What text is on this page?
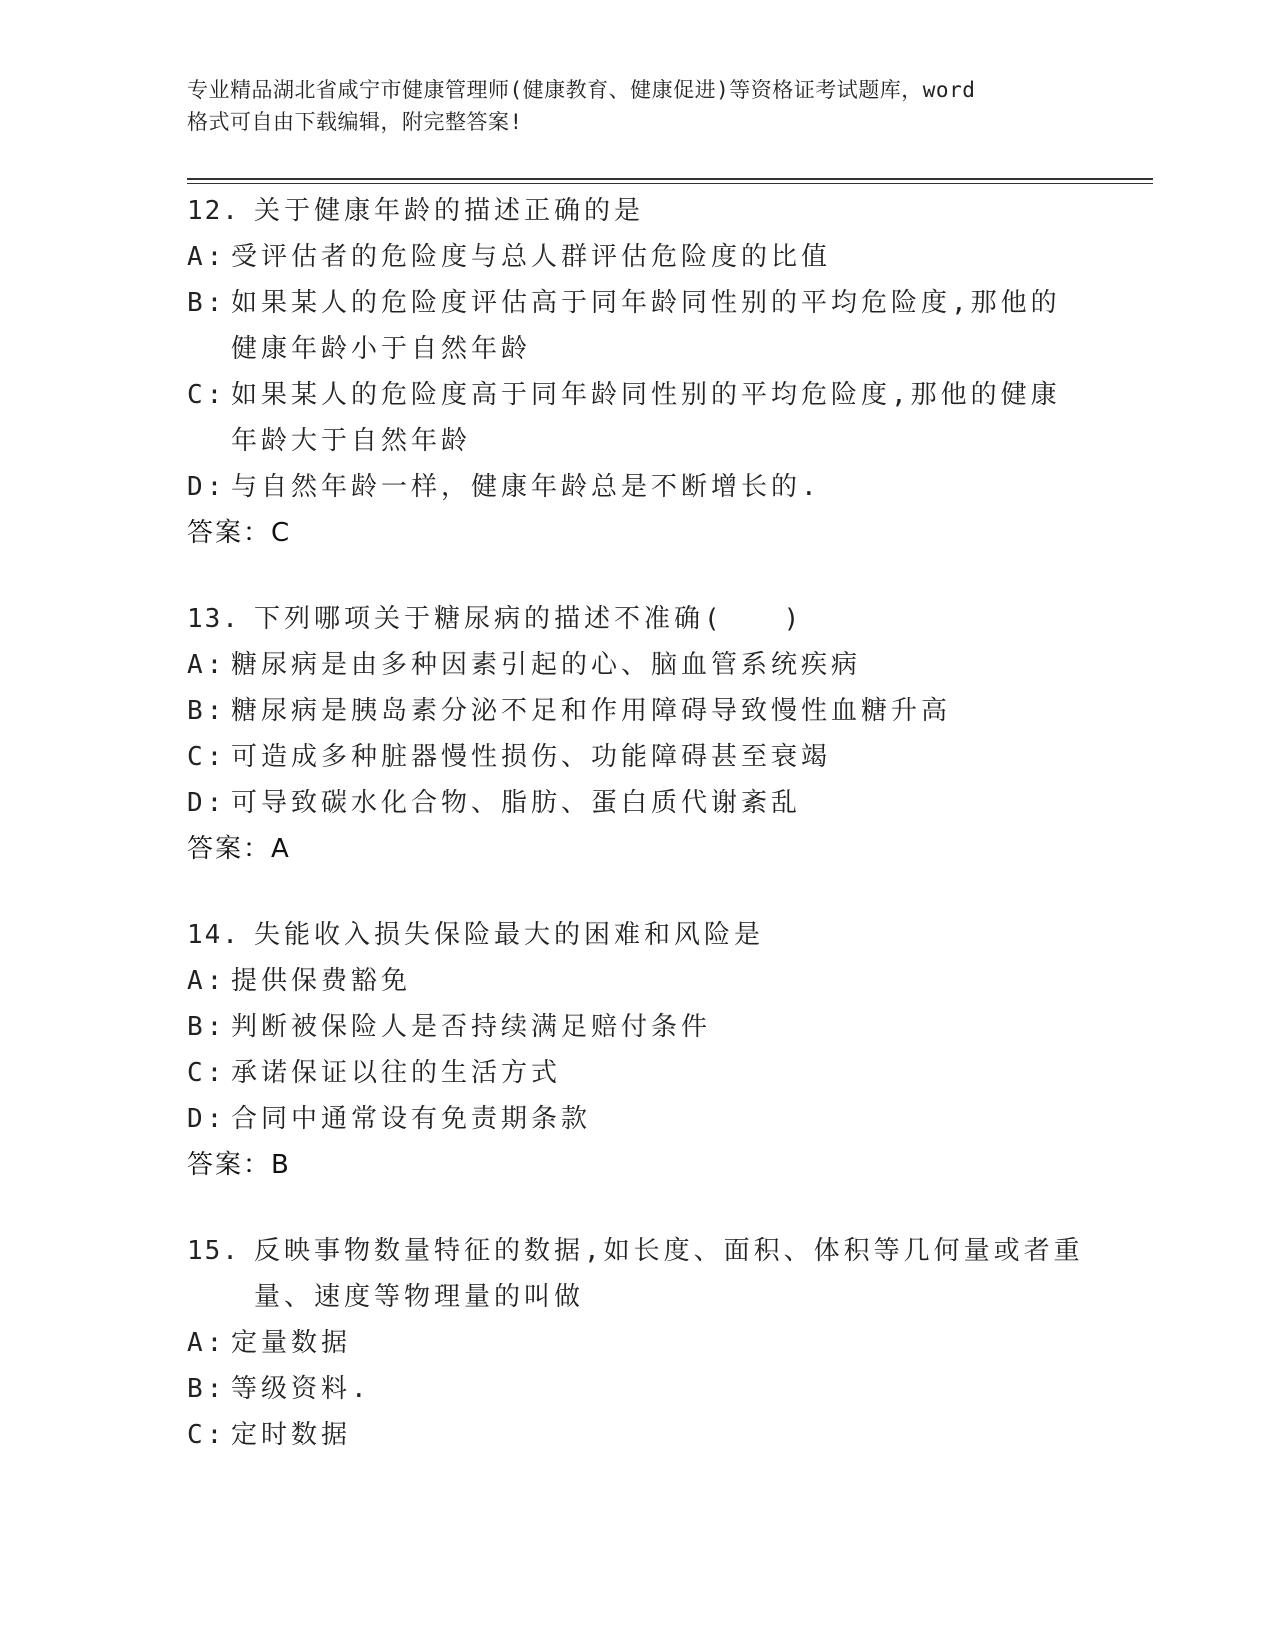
专业精品湖北省咸宁市健康管理师(健康教育、健康促进)等资格证考试题库，word
格式可自由下载编辑，附完整答案!
12. 关于健康年龄的描述正确的是
A: 受评估者的危险度与总人群评估危险度的比值
B: 如果某人的危险度评估高于同年龄同性别的平均危险度,那他的健康年龄小于自然年龄
C: 如果某人的危险度高于同年龄同性别的平均危险度,那他的健康年龄大于自然年龄
D: 与自然年龄一样，健康年龄总是不断增长的.
答案：C
13. 下列哪项关于糖尿病的描述不准确(　　)
A: 糖尿病是由多种因素引起的心、脑血管系统疾病
B: 糖尿病是胰岛素分泌不足和作用障碍导致慢性血糖升高
C: 可造成多种脏器慢性损伤、功能障碍甚至衰竭
D: 可导致碳水化合物、脂肪、蛋白质代谢紊乱
答案：A
14. 失能收入损失保险最大的困难和风险是
A: 提供保费豁免
B: 判断被保险人是否持续满足赔付条件
C: 承诺保证以往的生活方式
D: 合同中通常设有免责期条款
答案：B
15. 反映事物数量特征的数据,如长度、面积、体积等几何量或者重量、速度等物理量的叫做
A: 定量数据
B: 等级资料.
C: 定时数据
